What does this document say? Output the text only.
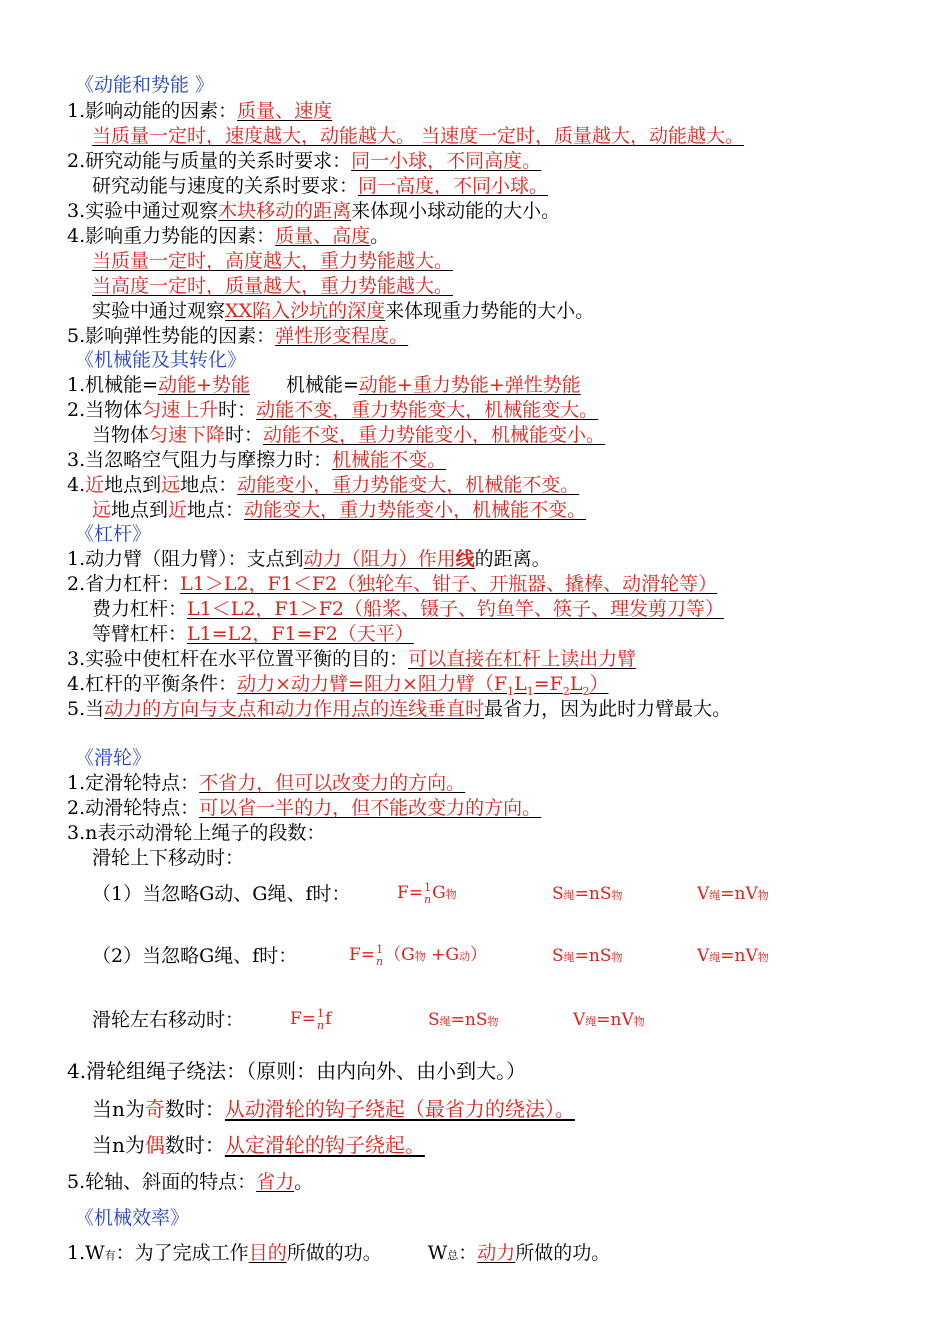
《动能和势能 》
1.影响动能的因素：质量、速度
当质量一定时，速度越大，动能越大。 当速度一定时，质量越大，动能越大。
2.研究动能与质量的关系时要求：同一小球，不同高度。
研究动能与速度的关系时要求：同一高度，不同小球。
3.实验中通过观察木块移动的距离来体现小球动能的大小。
4.影响重力势能的因素：质量、高度。
当质量一定时，高度越大，重力势能越大。
当高度一定时，质量越大，重力势能越大。
实验中通过观察XX陷入沙坑的深度来体现重力势能的大小。
5.影响弹性势能的因素：弹性形变程度。
《机械能及其转化》
1.机械能=动能+势能 机械能=动能+重力势能+弹性势能
2.当物体匀速上升时：动能不变，重力势能变大，机械能变大。
当物体匀速下降时：动能不变，重力势能变小，机械能变小。
3.当忽略空气阻力与摩擦力时：机械能不变。
4.近地点到远地点：动能变小，重力势能变大，机械能不变。
远地点到近地点：动能变大，重力势能变小，机械能不变。
《杠杆》
1.动力臂（阻力臂）：支点到动力（阻力）作用线的距离。
2.省力杠杆：L1＞L2，F1＜F2（独轮车、钳子、开瓶器、撬棒、动滑轮等）
费力杠杆：L1＜L2，F1＞F2（船桨、镊子、钓鱼竿、筷子、理发剪刀等）
等臂杠杆：L1=L2，F1=F2（天平）
3.实验中使杠杆在水平位置平衡的目的：可以直接在杠杆上读出力臂
4.杠杆的平衡条件：动力×动力臂=阻力×阻力臂$(F_1L_1=F_2L_2)$
5.当动力的方向与支点和动力作用点的连线垂直时最省力，因为此时力臂最大。
《滑轮》
1.定滑轮特点：不省力，但可以改变力的方向。
2.动滑轮特点：可以省一半的力，但不能改变力的方向。
3.n表示动滑轮上绳子的段数：
滑轮上下移动时：
（1）当忽略G动、G绳、f时：	F= 1
n G物	S绳=nS物	V绳=nV物
（2）当忽略G绳、f时：	F= 1
n （G物 +G动）	S绳=nS物	V绳=nV物
滑轮左右移动时：	F= 1
n f	S绳=nS物	V绳=nV物
4.滑轮组绳子绕法：（原则：由内向外、由小到大。）
当n为奇数时：从动滑轮的钩子绕起（最省力的绕法）。
当n为偶数时：从定滑轮的钩子绕起。
5.轮轴、斜面的特点：省力。
《机械效率》
1.W有：为了完成工作目的所做的功。 W总：动力所做的功。
